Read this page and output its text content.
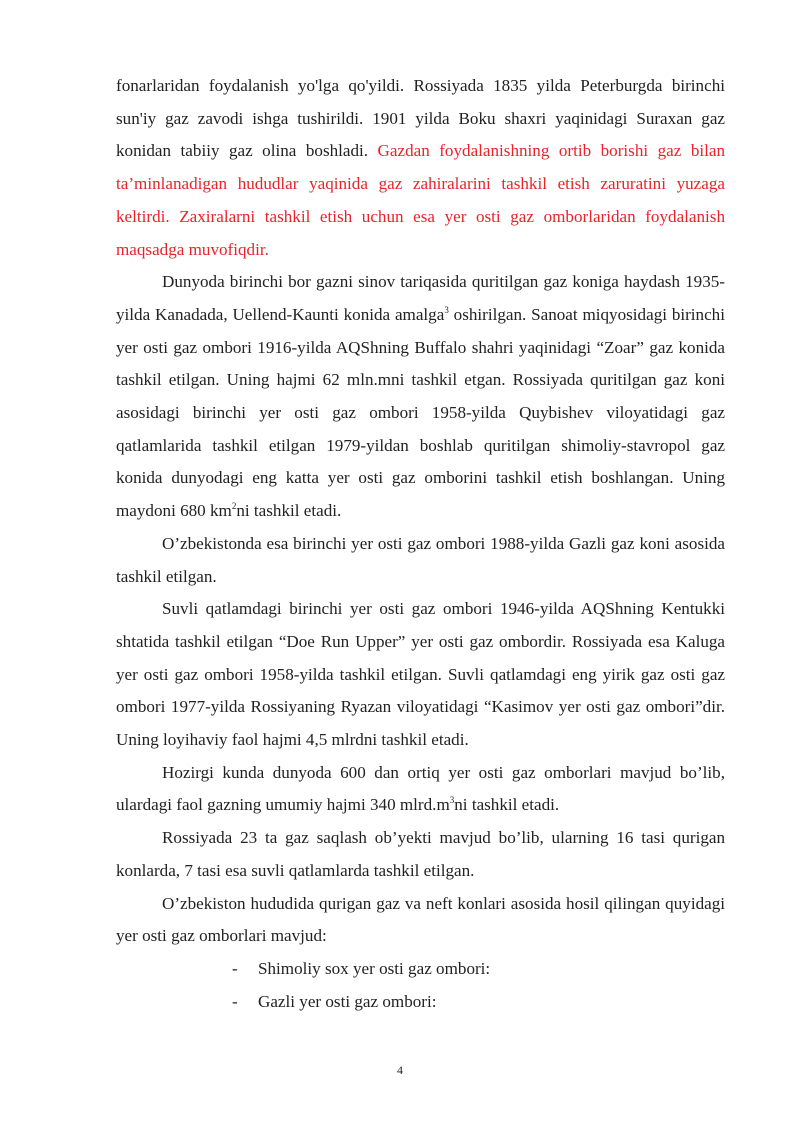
fonarlaridan foydalanish yo'lga qo'yildi. Rossiyada 1835 yilda Peterburgda birinchi sun'iy gaz zavodi ishga tushirildi. 1901 yilda Boku shaxri yaqinidagi Suraxan gaz konidan tabiiy gaz olina boshladi. Gazdan foydalanishning ortib borishi gaz bilan ta’minlanadigan hududlar yaqinida gaz zahiralarini tashkil etish zaruratini yuzaga keltirdi. Zaxiralarni tashkil etish uchun esa yer osti gaz omborlaridan foydalanish maqsadga muvofiqdir.

Dunyoda birinchi bor gazni sinov tariqasida quritilgan gaz koniga haydash 1935-yilda Kanadada, Uellend-Kaunti konida amalga$^3$ oshirilgan. Sanoat miqyosidagi birinchi yer osti gaz ombori 1916-yilda AQShning Buffalo shahri yaqinidagi “Zoar” gaz konida tashkil etilgan. Uning hajmi 62 mln.mni tashkil etgan. Rossiyada quritilgan gaz koni asosidagi birinchi yer osti gaz ombori 1958-yilda Quybishev viloyatidagi gaz qatlamlarida tashkil etilgan 1979-yildan boshlab quritilgan shimoliy-stavropol gaz konida dunyodagi eng katta yer osti gaz omborini tashkil etish boshlangan. Uning maydoni 680 $km^2ni$ tashkil etadi.

O’zbekistonda esa birinchi yer osti gaz ombori 1988-yilda Gazli gaz koni asosida tashkil etilgan.

Suvli qatlamdagi birinchi yer osti gaz ombori 1946-yilda AQShning Kentukki shtatida tashkil etilgan “Doe Run Upper” yer osti gaz ombordir. Rossiyada esa Kaluga yer osti gaz ombori 1958-yilda tashkil etilgan. Suvli qatlamdagi eng yirik gaz osti gaz ombori 1977-yilda Rossiyaning Ryazan viloyatidagi “Kasimov yer osti gaz ombori”dir. Uning loyihaviy faol hajmi 4,5 mlrdni tashkil etadi.

Hozirgi kunda dunyoda 600 dan ortiq yer osti gaz omborlari mavjud bo’lib, ulardagi faol gazning umumiy hajmi 340 $mlrd.m^3ni$ tashkil etadi.

Rossiyada 23 ta gaz saqlash ob’yekti mavjud bo’lib, ularning 16 tasi qurigan konlarda, 7 tasi esa suvli qatlamlarda tashkil etilgan.

O’zbekiston hududida qurigan gaz va neft konlari asosida hosil qilingan quyidagi yer osti gaz omborlari mavjud:

- Shimoliy sox yer osti gaz ombori:
- Gazli yer osti gaz ombori:
4
